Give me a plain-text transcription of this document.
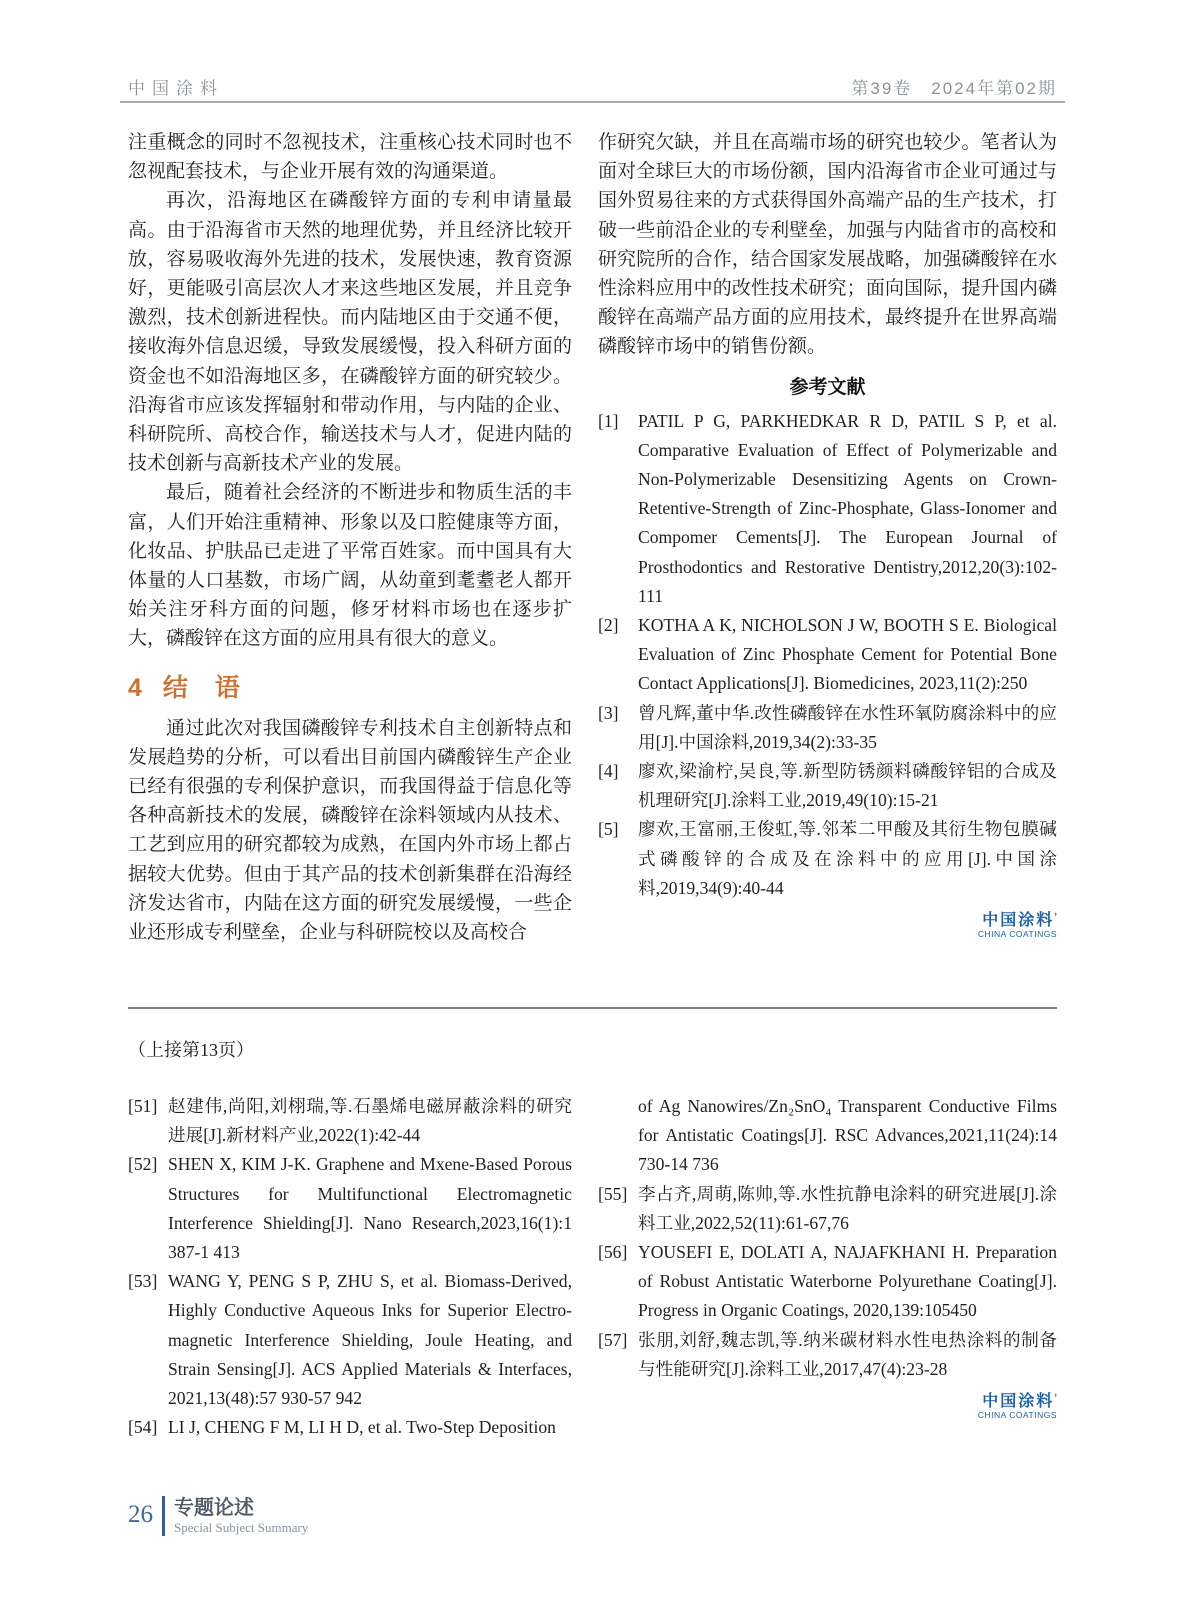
中国涂料	第39卷　2024年第02期

注重概念的同时不忽视技术，注重核心技术同时也不忽视配套技术，与企业开展有效的沟通渠道。

再次，沿海地区在磷酸锌方面的专利申请量最高。由于沿海省市天然的地理优势，并且经济比较开放，容易吸收海外先进的技术，发展快速，教育资源好，更能吸引高层次人才来这些地区发展，并且竞争激烈，技术创新进程快。而内陆地区由于交通不便，接收海外信息迟缓，导致发展缓慢，投入科研方面的资金也不如沿海地区多，在磷酸锌方面的研究较少。沿海省市应该发挥辐射和带动作用，与内陆的企业、科研院所、高校合作，输送技术与人才，促进内陆的技术创新与高新技术产业的发展。

最后，随着社会经济的不断进步和物质生活的丰富，人们开始注重精神、形象以及口腔健康等方面，化妆品、护肤品已走进了平常百姓家。而中国具有大体量的人口基数，市场广阔，从幼童到耄耋老人都开始关注牙科方面的问题，修牙材料市场也在逐步扩大，磷酸锌在这方面的应用具有很大的意义。

4 结　语

通过此次对我国磷酸锌专利技术自主创新特点和发展趋势的分析，可以看出目前国内磷酸锌生产企业已经有很强的专利保护意识，而我国得益于信息化等各种高新技术的发展，磷酸锌在涂料领域内从技术、工艺到应用的研究都较为成熟，在国内外市场上都占据较大优势。但由于其产品的技术创新集群在沿海经济发达省市，内陆在这方面的研究发展缓慢，一些企业还形成专利壁垒，企业与科研院校以及高校合

作研究欠缺，并且在高端市场的研究也较少。笔者认为面对全球巨大的市场份额，国内沿海省市企业可通过与国外贸易往来的方式获得国外高端产品的生产技术，打破一些前沿企业的专利壁垒，加强与内陆省市的高校和研究院所的合作，结合国家发展战略，加强磷酸锌在水性涂料应用中的改性技术研究；面向国际，提升国内磷酸锌在高端产品方面的应用技术，最终提升在世界高端磷酸锌市场中的销售份额。

参考文献
[1]	PATIL P G, PARKHEDKAR R D, PATIL S P, et al. Comparative Evaluation of Effect of Polymerizable and Non-Polymerizable Desensitizing Agents on Crown-Retentive-Strength of Zinc-Phosphate, Glass-Ionomer and Compomer Cements[J]. The European Journal of Prosthodontics and Restorative Dentistry,2012,20(3):102-111
[2]	KOTHA A K, NICHOLSON J W, BOOTH S E. Biological Evaluation of Zinc Phosphate Cement for Potential Bone Contact Applications[J]. Biomedicines, 2023,11(2):250
[3]	曾凡辉,董中华.改性磷酸锌在水性环氧防腐涂料中的应用[J].中国涂料,2019,34(2):33-35
[4]	廖欢,梁渝柠,吴良,等.新型防锈颜料磷酸锌铝的合成及机理研究[J].涂料工业,2019,49(10):15-21
[5]	廖欢,王富丽,王俊虹,等.邻苯二甲酸及其衍生物包膜碱式磷酸锌的合成及在涂料中的应用[J].中国涂料,2019,34(9):40-44
中国涂料’
CHINA COATINGS
（上接第13页）
[51] 赵建伟,尚阳,刘栩瑞,等.石墨烯电磁屏蔽涂料的研究进展[J].新材料产业,2022(1):42-44
[52] SHEN X, KIM J-K. Graphene and Mxene-Based Porous Structures for Multifunctional Electromagnetic Interference Shielding[J]. Nano Research,2023,16(1):1 387-1 413
[53] WANG Y, PENG S P, ZHU S, et al. Biomass-Derived, Highly Conductive Aqueous Inks for Superior Electro-magnetic Interference Shielding, Joule Heating, and Strain Sensing[J]. ACS Applied Materials & Interfaces, 2021,13(48):57 930-57 942
[54] LI J, CHENG F M, LI H D, et al. Two-Step Deposition
of Ag Nanowires/Zn₂SnO₄ Transparent Conductive Films for Antistatic Coatings[J]. RSC Advances,2021,11(24):14 730-14 736
[55] 李占齐,周萌,陈帅,等.水性抗静电涂料的研究进展[J].涂料工业,2022,52(11):61-67,76
[56] YOUSEFI E, DOLATI A, NAJAFKHANI H. Preparation of Robust Antistatic Waterborne Polyurethane Coating[J]. Progress in Organic Coatings, 2020,139:105450
[57] 张朋,刘舒,魏志凯,等.纳米碳材料水性电热涂料的制备与性能研究[J].涂料工业,2017,47(4):23-28
中国涂料’
CHINA COATINGS
26 专题论述
Special Subject Summary
